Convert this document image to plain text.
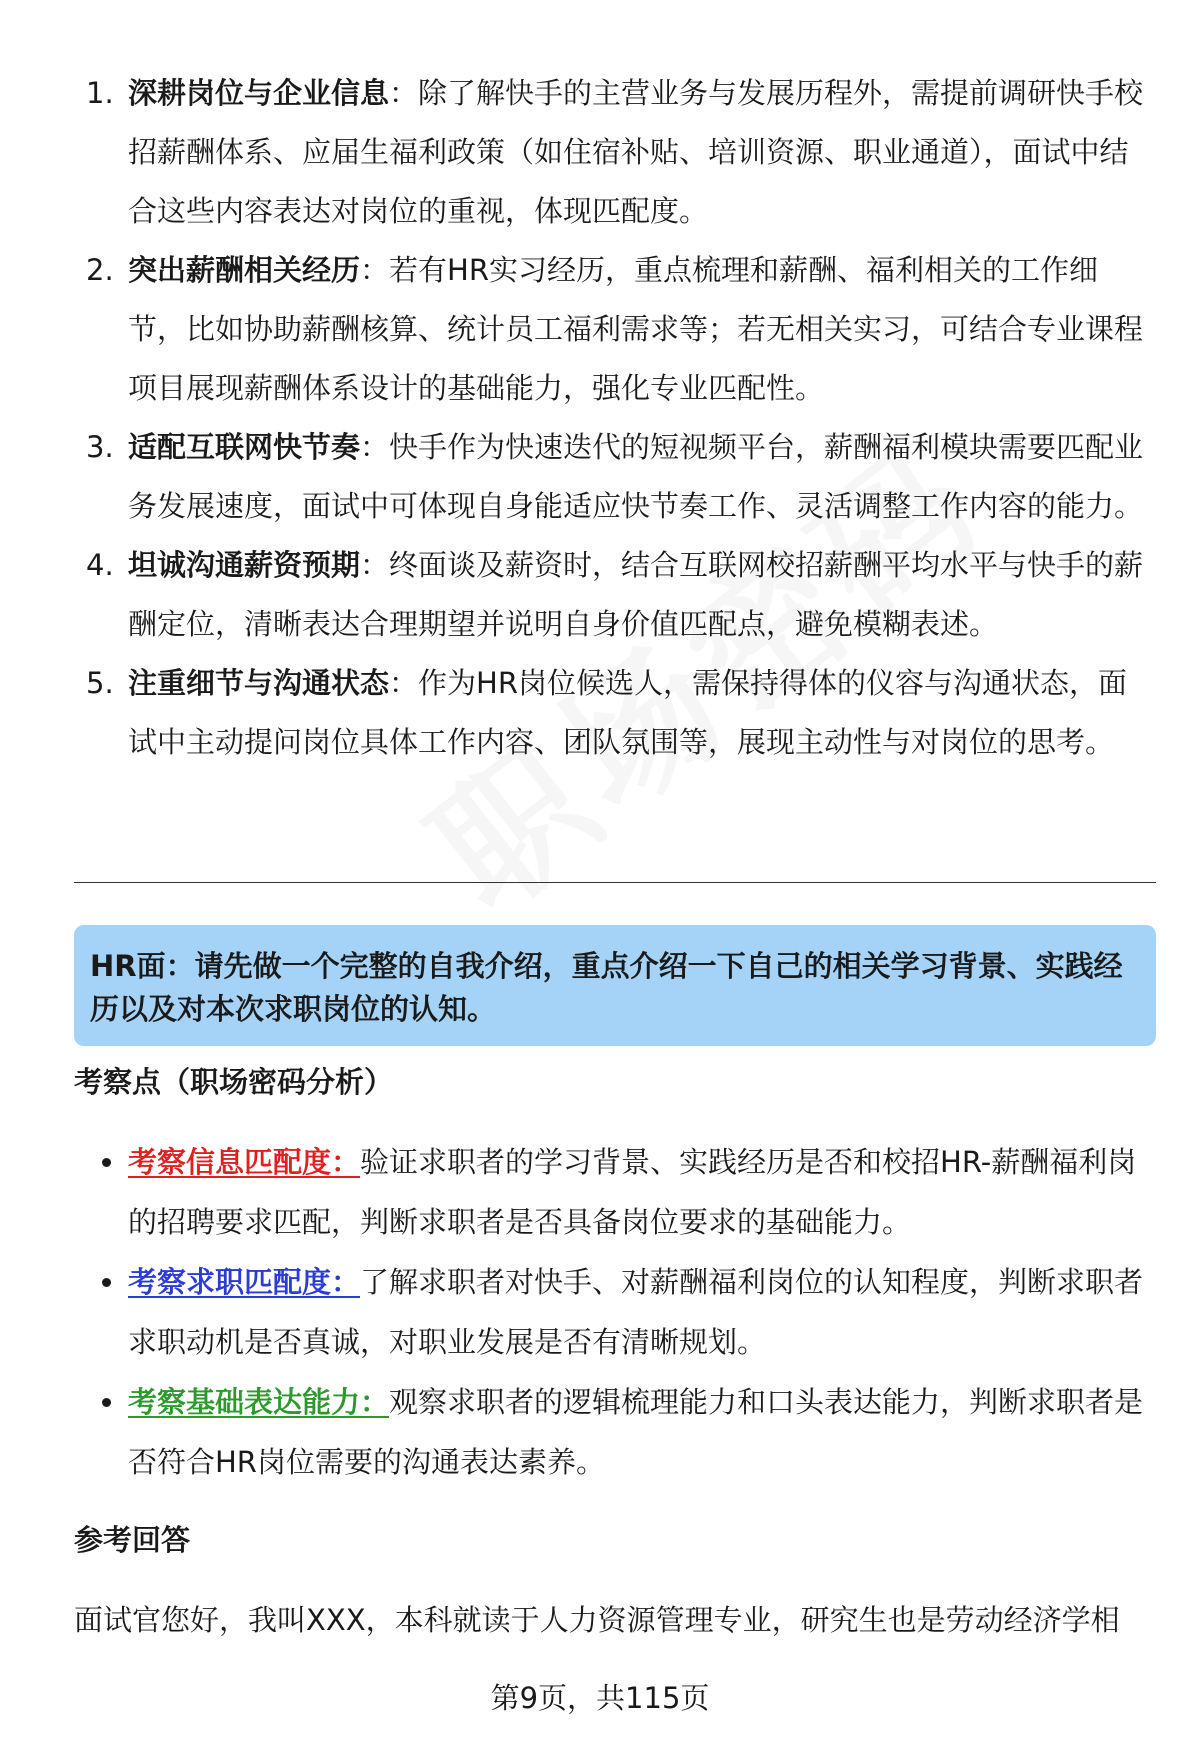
1. 深耕岗位与企业信息：除了解快手的主营业务与发展历程外，需提前调研快手校招薪酬体系、应届生福利政策（如住宿补贴、培训资源、职业通道），面试中结合这些内容表达对岗位的重视，体现匹配度。
2. 突出薪酬相关经历：若有HR实习经历，重点梳理和薪酬、福利相关的工作细节，比如协助薪酬核算、统计员工福利需求等；若无相关实习，可结合专业课程项目展现薪酬体系设计的基础能力，强化专业匹配性。
3. 适配互联网快节奏：快手作为快速迭代的短视频平台，薪酬福利模块需要匹配业务发展速度，面试中可体现自身能适应快节奏工作、灵活调整工作内容的能力。
4. 坦诚沟通薪资预期：终面谈及薪资时，结合互联网校招薪酬平均水平与快手的薪酬定位，清晰表达合理期望并说明自身价值匹配点，避免模糊表述。
5. 注重细节与沟通状态：作为HR岗位候选人，需保持得体的仪容与沟通状态，面试中主动提问岗位具体工作内容、团队氛围等，展现主动性与对岗位的思考。
HR面：请先做一个完整的自我介绍，重点介绍一下自己的相关学习背景、实践经历以及对本次求职岗位的认知。
考察点（职场密码分析）
考察信息匹配度：验证求职者的学习背景、实践经历是否和校招HR-薪酬福利岗的招聘要求匹配，判断求职者是否具备岗位要求的基础能力。
考察求职匹配度：了解求职者对快手、对薪酬福利岗位的认知程度，判断求职者求职动机是否真诚，对职业发展是否有清晰规划。
考察基础表达能力：观察求职者的逻辑梳理能力和口头表达能力，判断求职者是否符合HR岗位需要的沟通表达素养。
参考回答
面试官您好，我叫XXX，本科就读于人力资源管理专业，研究生也是劳动经济学相
第9页，共115页
